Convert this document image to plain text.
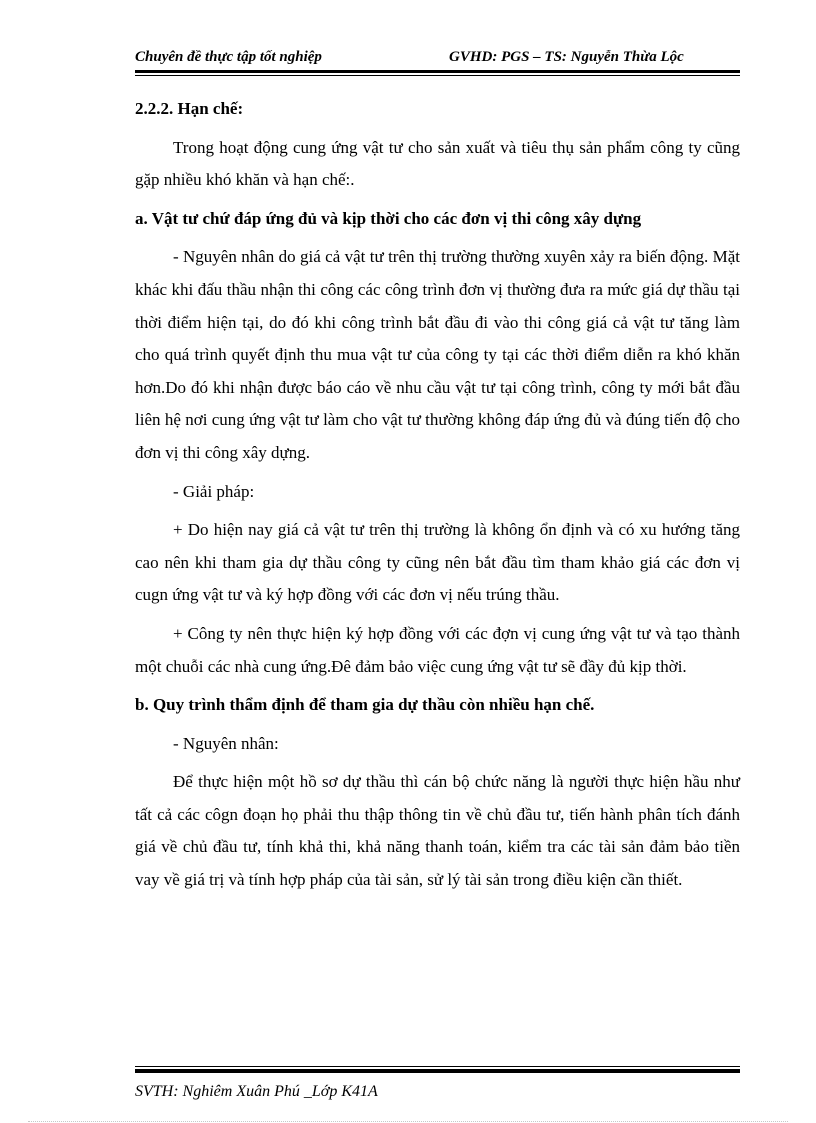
Chuyên đề thực tập tốt nghiệp	GVHD: PGS – TS: Nguyễn Thừa Lộc
2.2.2. Hạn chế:

Trong hoạt động cung ứng vật tư cho sản xuất và tiêu thụ sản phẩm công ty cũng gặp nhiều khó khăn và hạn chế:.

a. Vật tư chứ đáp ứng đủ và kịp thời cho các đơn vị thi công xây dựng

- Nguyên nhân do giá cả vật tư trên thị trường thường xuyên xảy ra biến động. Mặt khác khi đấu thầu nhận thi công các công trình đơn vị thường đưa ra mức giá dự thầu tại thời điểm hiện tại, do đó khi công trình bắt đầu đi vào thi công giá cả vật tư tăng làm cho quá trình quyết định thu mua vật tư của công ty tại các thời điểm diễn ra khó khăn hơn.Do đó khi nhận được báo cáo về nhu cầu vật tư tại công trình, công ty mới bắt đầu liên hệ nơi cung ứng vật tư làm cho vật tư thường không đáp ứng đủ và đúng tiến độ cho đơn vị thi công xây dựng.

- Giải pháp:

+ Do hiện nay giá cả vật tư trên thị trường là không ổn định và có xu hướng tăng cao nên khi tham gia dự thầu công ty cũng nên bắt đầu tìm tham khảo giá các đơn vị cugn ứng vật tư và ký hợp đồng với các đơn vị nếu trúng thầu.

+ Công ty nên thực hiện ký hợp đồng với các đợn vị cung ứng vật tư và tạo thành một chuỗi các nhà cung ứng.Đê đảm bảo việc cung ứng vật tư sẽ đầy đủ kịp thời.

b. Quy trình thẩm định để tham gia dự thầu còn nhiều hạn chế.

- Nguyên nhân:

Để thực hiện một hồ sơ dự thầu thì cán bộ chức năng là người thực hiện hầu như tất cả các côgn đoạn họ phải thu thập thông tin về chủ đầu tư, tiến hành phân tích đánh giá về chủ đầu tư, tính khả thi, khả năng thanh toán, kiểm tra các tài sản đảm bảo tiền vay về giá trị và tính hợp pháp của tài sản, sử lý tài sản trong điều kiện cần thiết.

SVTH: Nghiêm Xuân Phú _Lớp K41A
